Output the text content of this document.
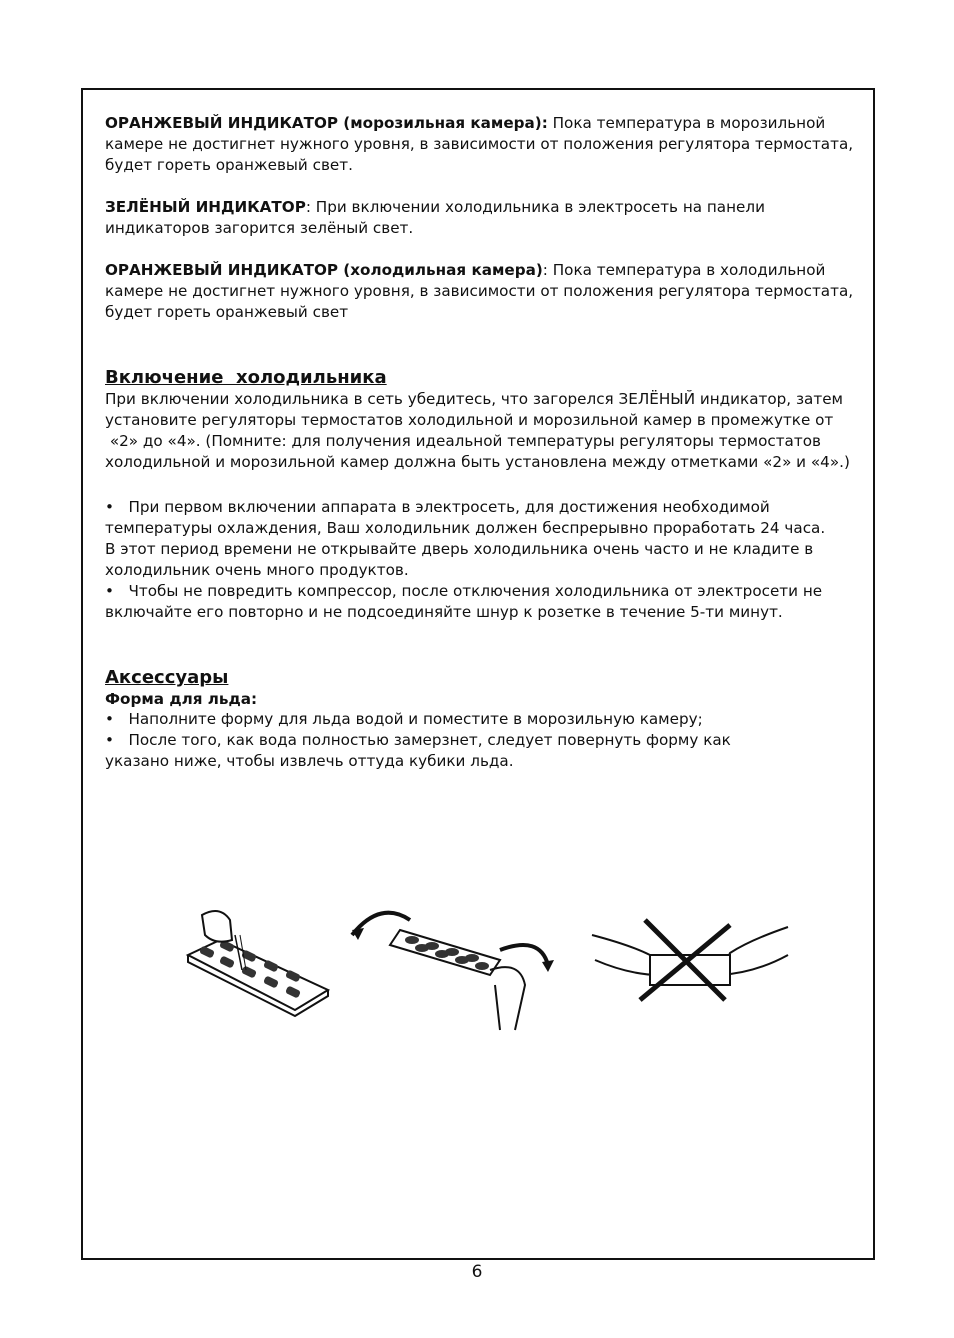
ОРАНЖЕВЫЙ ИНДИКАТОР (морозильная камера): Пока температура в морозильной
камере не достигнет нужного уровня, в зависимости от положения регулятора термостата,
будет гореть оранжевый свет.
ЗЕЛЁНЫЙ ИНДИКАТОР: При включении холодильника в электросеть на панели
индикаторов загорится зелёный свет.
ОРАНЖЕВЫЙ ИНДИКАТОР (холодильная камера): Пока температура в холодильной
камере не достигнет нужного уровня, в зависимости от положения регулятора термостата,
будет гореть оранжевый свет
Включение  холодильника
При включении холодильника в сеть убедитесь, что загорелся ЗЕЛЁНЫЙ индикатор, затем
установите регуляторы термостатов холодильной и морозильной камер в промежутке от
«2» до «4». (Помните: для получения идеальной температуры регуляторы термостатов
холодильной и морозильной камер должна быть установлена между отметками «2» и «4».)
•   При первом включении аппарата в электросеть, для достижения необходимой
температуры охлаждения, Ваш холодильник должен беспрерывно проработать 24 часа.
В этот период времени не открывайте дверь холодильника очень часто и не кладите в
холодильник очень много продуктов.
•   Чтобы не повредить компрессор, после отключения холодильника от электросети не
включайте его повторно и не подсоединяйте шнур к розетке в течение 5-ти минут.
Аксессуары
Форма для льда:
•   Наполните форму для льда водой и поместите в морозильную камеру;
•   После того, как вода полностью замерзнет, следует повернуть форму как
указано ниже, чтобы извлечь оттуда кубики льда.
6
